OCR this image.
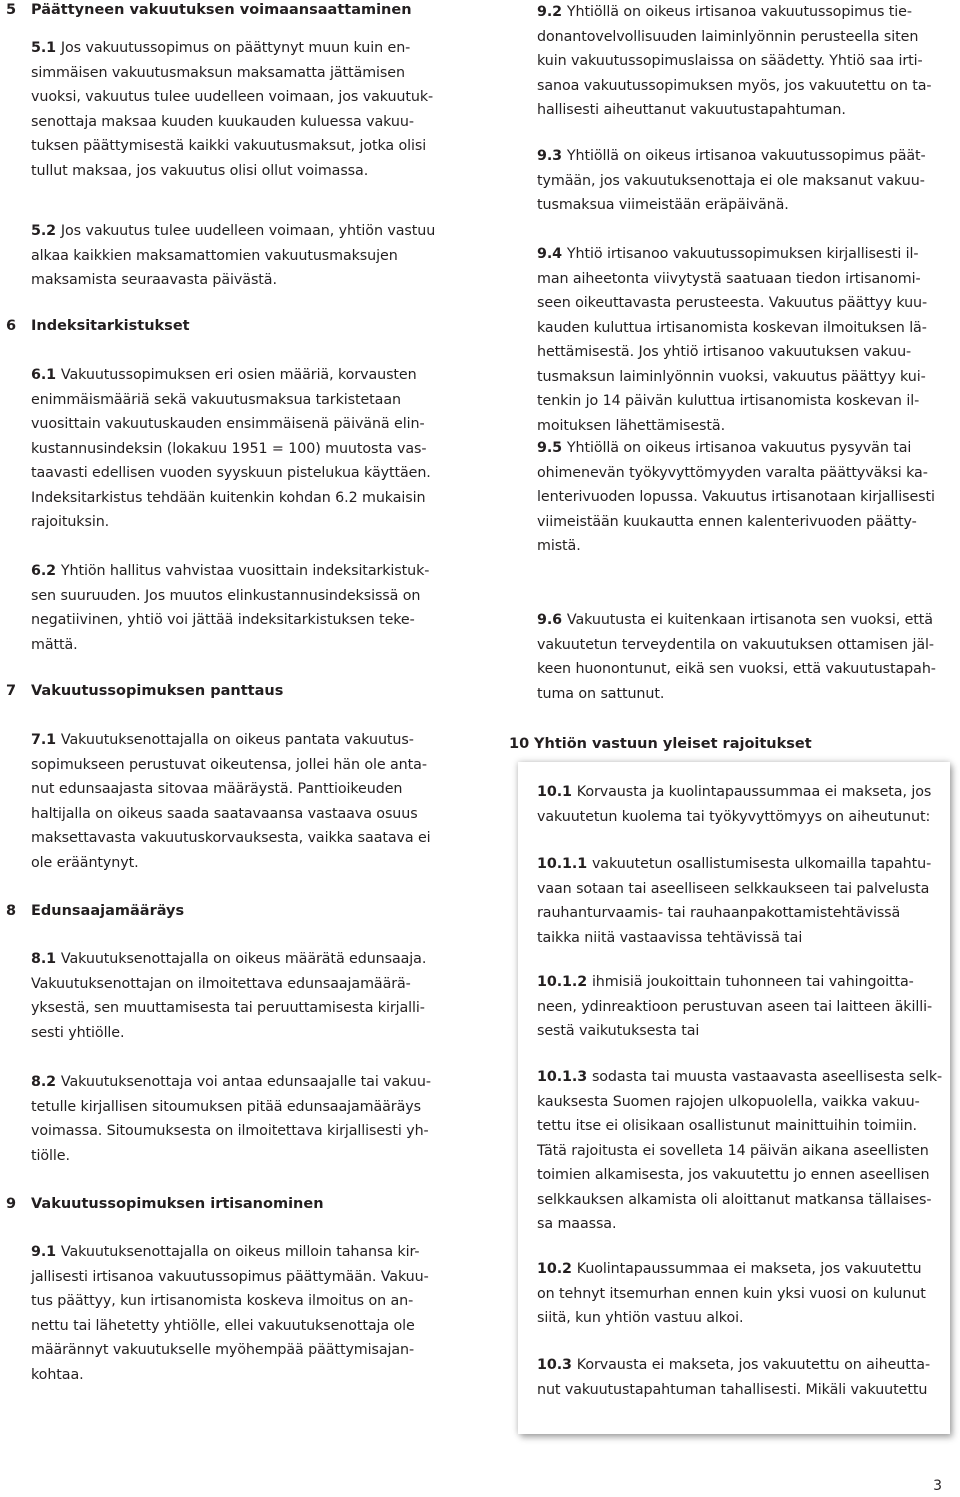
5 Päättyneen vakuutuksen voimaansaattaminen
5.1 Jos vakuutussopimus on päättynyt muun kuin en-
simmäisen vakuutusmaksun maksamatta jättämisen
vuoksi, vakuutus tulee uudelleen voimaan, jos vakuutuk-
senottaja maksaa kuuden kuukauden kuluessa vakuu-
tuksen päättymisestä kaikki vakuutusmaksut, jotka olisi
tullut maksaa, jos vakuutus olisi ollut voimassa.
5.2 Jos vakuutus tulee uudelleen voimaan, yhtiön vastuu
alkaa kaikkien maksamattomien vakuutusmaksujen
maksamista seuraavasta päivästä.
6 Indeksitarkistukset
6.1 Vakuutussopimuksen eri osien määriä, korvausten
enimmäismääriä sekä vakuutusmaksua tarkistetaan
vuosittain vakuutuskauden ensimmäisenä päivänä elin-
kustannusindeksin (lokakuu 1951 = 100) muutosta vas-
taavasti edellisen vuoden syyskuun pistelukua käyttäen.
Indeksitarkistus tehdään kuitenkin kohdan 6.2 mukaisin
rajoituksin.
6.2 Yhtiön hallitus vahvistaa vuosittain indeksitarkistuk-
sen suuruuden. Jos muutos elinkustannusindeksissä on
negatiivinen, yhtiö voi jättää indeksitarkistuksen teke-
mättä.
7 Vakuutussopimuksen panttaus
7.1 Vakuutuksenottajalla on oikeus pantata vakuutus-
sopimukseen perustuvat oikeutensa, jollei hän ole anta-
nut edunsaajasta sitovaa määräystä. Panttioikeuden
haltijalla on oikeus saada saatavaansa vastaava osuus
maksettavasta vakuutuskorvauksesta, vaikka saatava ei
ole erääntynyt.
8 Edunsaajamääräys
8.1 Vakuutuksenottajalla on oikeus määrätä edunsaaja.
Vakuutuksenottajan on ilmoitettava edunsaajamäärä-
yksestä, sen muuttamisesta tai peruuttamisesta kirjalli-
sesti yhtiölle.
8.2 Vakuutuksenottaja voi antaa edunsaajalle tai vakuu-
tetulle kirjallisen sitoumuksen pitää edunsaajamääräys
voimassa. Sitoumuksesta on ilmoitettava kirjallisesti yh-
tiölle.
9 Vakuutussopimuksen irtisanominen
9.1 Vakuutuksenottajalla on oikeus milloin tahansa kir-
jallisesti irtisanoa vakuutussopimus päättymään. Vakuu-
tus päättyy, kun irtisanomista koskeva ilmoitus on an-
nettu tai lähetetty yhtiölle, ellei vakuutuksenottaja ole
määrännyt vakuutukselle myöhempää päättymisajan-
kohtaa.
9.2 Yhtiöllä on oikeus irtisanoa vakuutussopimus tie-
donantovelvollisuuden laiminlyönnin perusteella siten
kuin vakuutussopimuslaissa on säädetty. Yhtiö saa irti-
sanoa vakuutussopimuksen myös, jos vakuutettu on ta-
hallisesti aiheuttanut vakuutustapahtuman.
9.3 Yhtiöllä on oikeus irtisanoa vakuutussopimus päät-
tymään, jos vakuutuksenottaja ei ole maksanut vakuu-
tusmaksua viimeistään eräpäivänä.
9.4 Yhtiö irtisanoo vakuutussopimuksen kirjallisesti il-
man aiheetonta viivytystä saatuaan tiedon irtisanomi-
seen oikeuttavasta perusteesta. Vakuutus päättyy kuu-
kauden kuluttua irtisanomista koskevan ilmoituksen lä-
hettämisestä. Jos yhtiö irtisanoo vakuutuksen vakuu-
tusmaksun laiminlyönnin vuoksi, vakuutus päättyy kui-
tenkin jo 14 päivän kuluttua irtisanomista koskevan il-
moituksen lähettämisestä.
9.5 Yhtiöllä on oikeus irtisanoa vakuutus pysyvän tai
ohimenevän työkyvyttömyyden varalta päättyväksi ka-
lenterivuoden lopussa. Vakuutus irtisanotaan kirjallisesti
viimeistään kuukautta ennen kalenterivuoden päätty-
mistä.
9.6 Vakuutusta ei kuitenkaan irtisanota sen vuoksi, että
vakuutetun terveydentila on vakuutuksen ottamisen jäl-
keen huonontunut, eikä sen vuoksi, että vakuutustapah-
tuma on sattunut.
10 Yhtiön vastuun yleiset rajoitukset
10.1 Korvausta ja kuolintapaussummaa ei makseta, jos
vakuutetun kuolema tai työkyvyttömyys on aiheutunut:
10.1.1 vakuutetun osallistumisesta ulkomailla tapahtu-
vaan sotaan tai aseelliseen selkkaukseen tai palvelusta
rauhanturvaamis- tai rauhaanpakottamistehtävissä
taikka niitä vastaavissa tehtävissä tai
10.1.2 ihmisiä joukoittain tuhonneen tai vahingoitta-
neen, ydinreaktioon perustuvan aseen tai laitteen äkilli-
sestä vaikutuksesta tai
10.1.3 sodasta tai muusta vastaavasta aseellisesta selk-
kauksesta Suomen rajojen ulkopuolella, vaikka vakuu-
tettu itse ei olisikaan osallistunut mainittuihin toimiin.
Tätä rajoitusta ei sovelleta 14 päivän aikana aseellisten
toimien alkamisesta, jos vakuutettu jo ennen aseellisen
selkkauksen alkamista oli aloittanut matkansa tällaises-
sa maassa.
10.2 Kuolintapaussummaa ei makseta, jos vakuutettu
on tehnyt itsemurhan ennen kuin yksi vuosi on kulunut
siitä, kun yhtiön vastuu alkoi.
10.3 Korvausta ei makseta, jos vakuutettu on aiheutta-
nut vakuutustapahtuman tahallisesti. Mikäli vakuutettu
3
